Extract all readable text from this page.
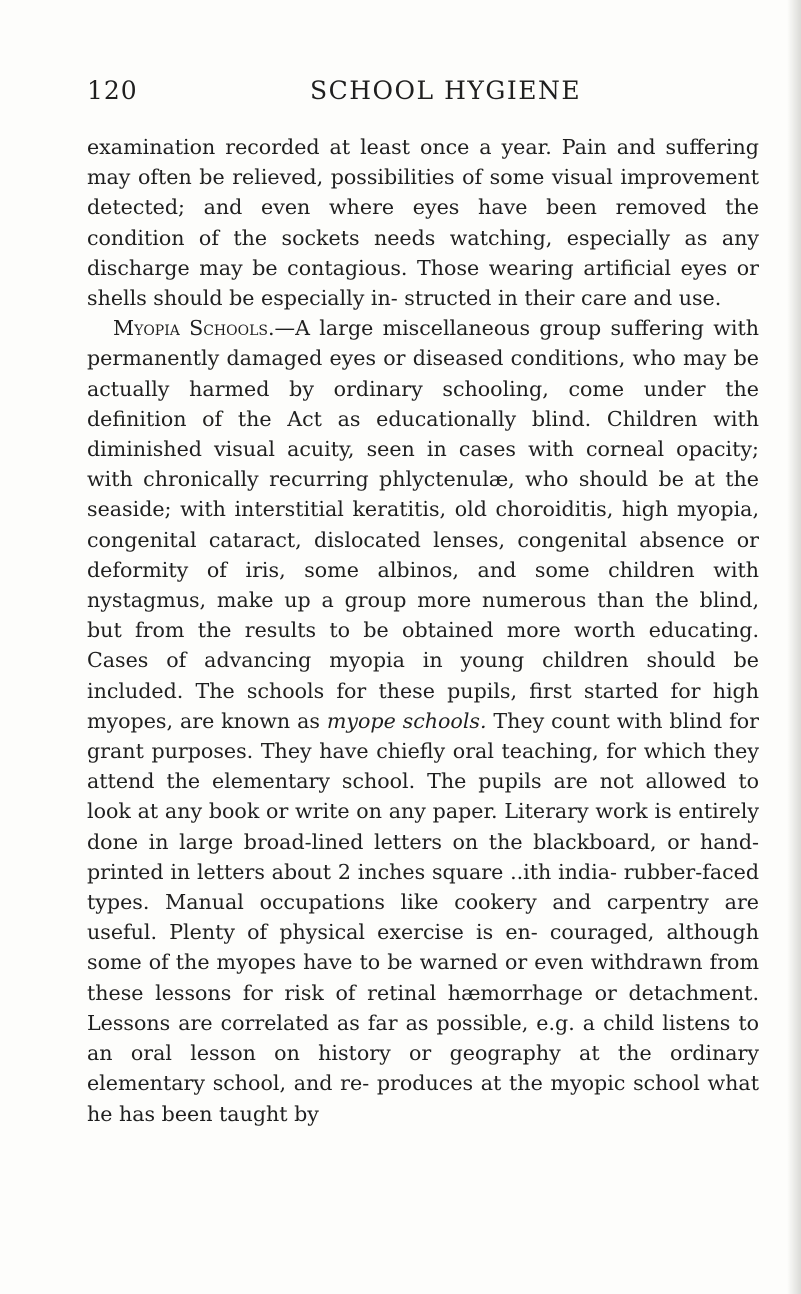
120	SCHOOL HYGIENE

examination recorded at least once a year. Pain and suffering may often be relieved, possibilities of some visual improvement detected; and even where eyes have been removed the condition of the sockets needs watching, especially as any discharge may be contagious. Those wearing artificial eyes or shells should be especially in- structed in their care and use.

Myopia Schools.—A large miscellaneous group suffering with permanently damaged eyes or diseased conditions, who may be actually harmed by ordinary schooling, come under the definition of the Act as educationally blind. Children with diminished visual acuity, seen in cases with corneal opacity; with chronically recurring phlyctenulæ, who should be at the seaside; with interstitial keratitis, old choroiditis, high myopia, congenital cataract, dislocated lenses, congenital absence or deformity of iris, some albinos, and some children with nystagmus, make up a group more numerous than the blind, but from the results to be obtained more worth educating. Cases of advancing myopia in young children should be included. The schools for these pupils, first started for high myopes, are known as myope schools. They count with blind for grant purposes. They have chiefly oral teaching, for which they attend the elementary school. The pupils are not allowed to look at any book or write on any paper. Literary work is entirely done in large broad-lined letters on the blackboard, or hand-printed in letters about 2 inches square ..ith india- rubber-faced types. Manual occupations like cookery and carpentry are useful. Plenty of physical exercise is en- couraged, although some of the myopes have to be warned or even withdrawn from these lessons for risk of retinal hæmorrhage or detachment. Lessons are correlated as far as possible, e.g. a child listens to an oral lesson on history or geography at the ordinary elementary school, and re- produces at the myopic school what he has been taught by
